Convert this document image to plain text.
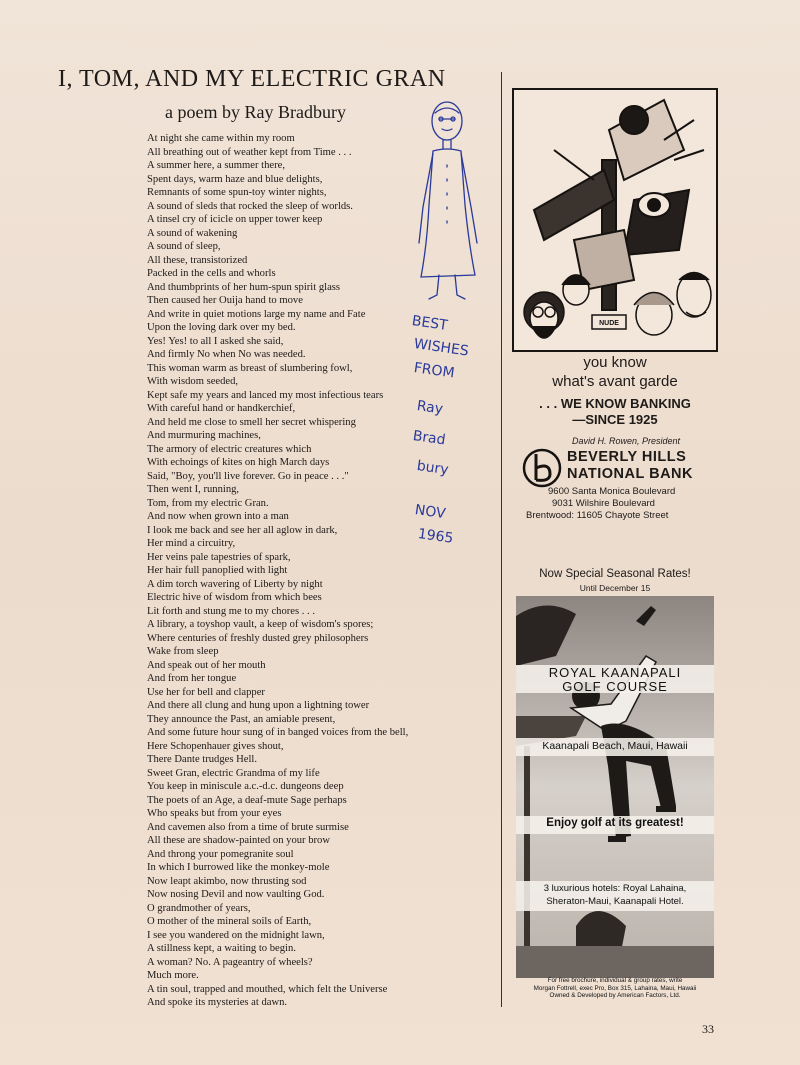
I, TOM, AND MY ELECTRIC GRAN
a poem by Ray Bradbury
At night she came within my room
All breathing out of weather kept from Time . . .
A summer here, a summer there,
Spent days, warm haze and blue delights,
Remnants of some spun-toy winter nights,
A sound of sleds that rocked the sleep of worlds.
A tinsel cry of icicle on upper tower keep
A sound of wakening
A sound of sleep,
All these, transistorized
Packed in the cells and whorls
And thumbprints of her hum-spun spirit glass
Then caused her Ouija hand to move
And write in quiet motions large my name and Fate
Upon the loving dark over my bed.
Yes! Yes! to all I asked she said,
And firmly No when No was needed.
This woman warm as breast of slumbering fowl,
With wisdom seeded,
Kept safe my years and lanced my most infectious tears
With careful hand or handkerchief,
And held me close to smell her secret whispering
And murmuring machines,
The armory of electric creatures which
With echoings of kites on high March days
Said, "Boy, you'll live forever. Go in peace . . ."
Then went I, running,
Tom, from my electric Gran.
And now when grown into a man
I look me back and see her all aglow in dark,
Her mind a circuitry,
Her veins pale tapestries of spark,
Her hair full panoplied with light
A dim torch wavering of Liberty by night
Electric hive of wisdom from which bees
Lit forth and stung me to my chores . . .
A library, a toyshop vault, a keep of wisdom's spores;
Where centuries of freshly dusted grey philosophers
Wake from sleep
And speak out of her mouth
And from her tongue
Use her for bell and clapper
And there all clung and hung upon a lightning tower
They announce the Past, an amiable present,
And some future hour sung of in banged voices from the bell,
Here Schopenhauer gives shout,
There Dante trudges Hell.
Sweet Gran, electric Grandma of my life
You keep in miniscule a.c.-d.c. dungeons deep
The poets of an Age, a deaf-mute Sage perhaps
Who speaks but from your eyes
And cavemen also from a time of brute surmise
All these are shadow-painted on your brow
And throng your pomegranite soul
In which I burrowed like the monkey-mole
Now leapt akimbo, now thrusting sod
Now nosing Devil and now vaulting God.
O grandmother of years,
O mother of the mineral soils of Earth,
I see you wandered on the midnight lawn,
A stillness kept, a waiting to begin.
A woman? No. A pageantry of wheels?
Much more.
A tin soul, trapped and mouthed, which felt the Universe
And spoke its mysteries at dawn.
BEST
WISHES
FROM
Ray
Brad
bury
NOV
1965
NUDE
you know
what's avant garde
. . . WE KNOW BANKING
—SINCE 1925
David H. Rowen, President
BEVERLY HILLS
NATIONAL BANK
9600 Santa Monica Boulevard
9031 Wilshire Boulevard
Brentwood: 11605 Chayote Street
Now Special Seasonal Rates!
Until December 15
ROYAL KAANAPALI
GOLF COURSE
Kaanapali Beach, Maui, Hawaii
Enjoy golf at its greatest!
3 luxurious hotels: Royal Lahaina,
Sheraton-Maui, Kaanapali Hotel.
For free brochure, individual & group rates, write
Morgan Fottrell, exec Pro, Box 315, Lahaina, Maui, Hawaii
Owned & Developed by American Factors, Ltd.
33
